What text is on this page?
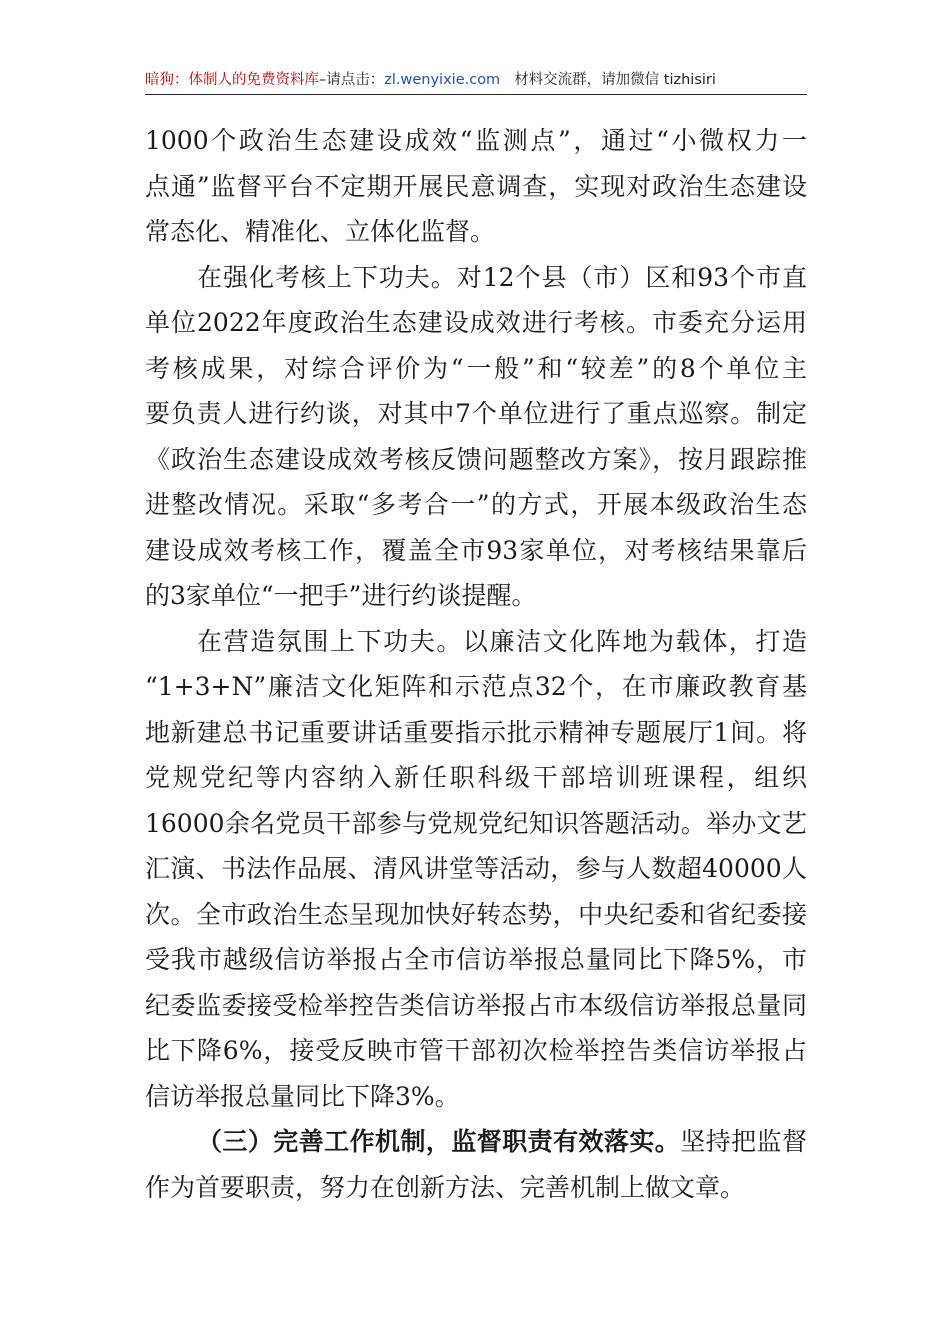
暗狗：体制人的免费资料库–请点击：zl.wenyixie.com 材料交流群，请加微信 tizhisiri
1000个政治生态建设成效“监测点”，通过“小微权力一
点通”监督平台不定期开展民意调查，实现对政治生态建设
常态化、精准化、立体化监督。
在强化考核上下功夫。对12个县（市）区和93个市直
单位2022年度政治生态建设成效进行考核。市委充分运用
考核成果，对综合评价为“一般”和“较差”的8个单位主
要负责人进行约谈，对其中7个单位进行了重点巡察。制定
《政治生态建设成效考核反馈问题整改方案》，按月跟踪推
进整改情况。采取“多考合一”的方式，开展本级政治生态
建设成效考核工作，覆盖全市93家单位，对考核结果靠后
的3家单位“一把手”进行约谈提醒。
在营造氛围上下功夫。以廉洁文化阵地为载体，打造
“1+3+N”廉洁文化矩阵和示范点32个，在市廉政教育基
地新建总书记重要讲话重要指示批示精神专题展厅1间。将
党规党纪等内容纳入新任职科级干部培训班课程，组织
16000余名党员干部参与党规党纪知识答题活动。举办文艺
汇演、书法作品展、清风讲堂等活动，参与人数超40000人
次。全市政治生态呈现加快好转态势，中央纪委和省纪委接
受我市越级信访举报占全市信访举报总量同比下降5%，市
纪委监委接受检举控告类信访举报占市本级信访举报总量同
比下降6%，接受反映市管干部初次检举控告类信访举报占
信访举报总量同比下降3%。
（三）完善工作机制，监督职责有效落实。坚持把监督
作为首要职责，努力在创新方法、完善机制上做文章。
